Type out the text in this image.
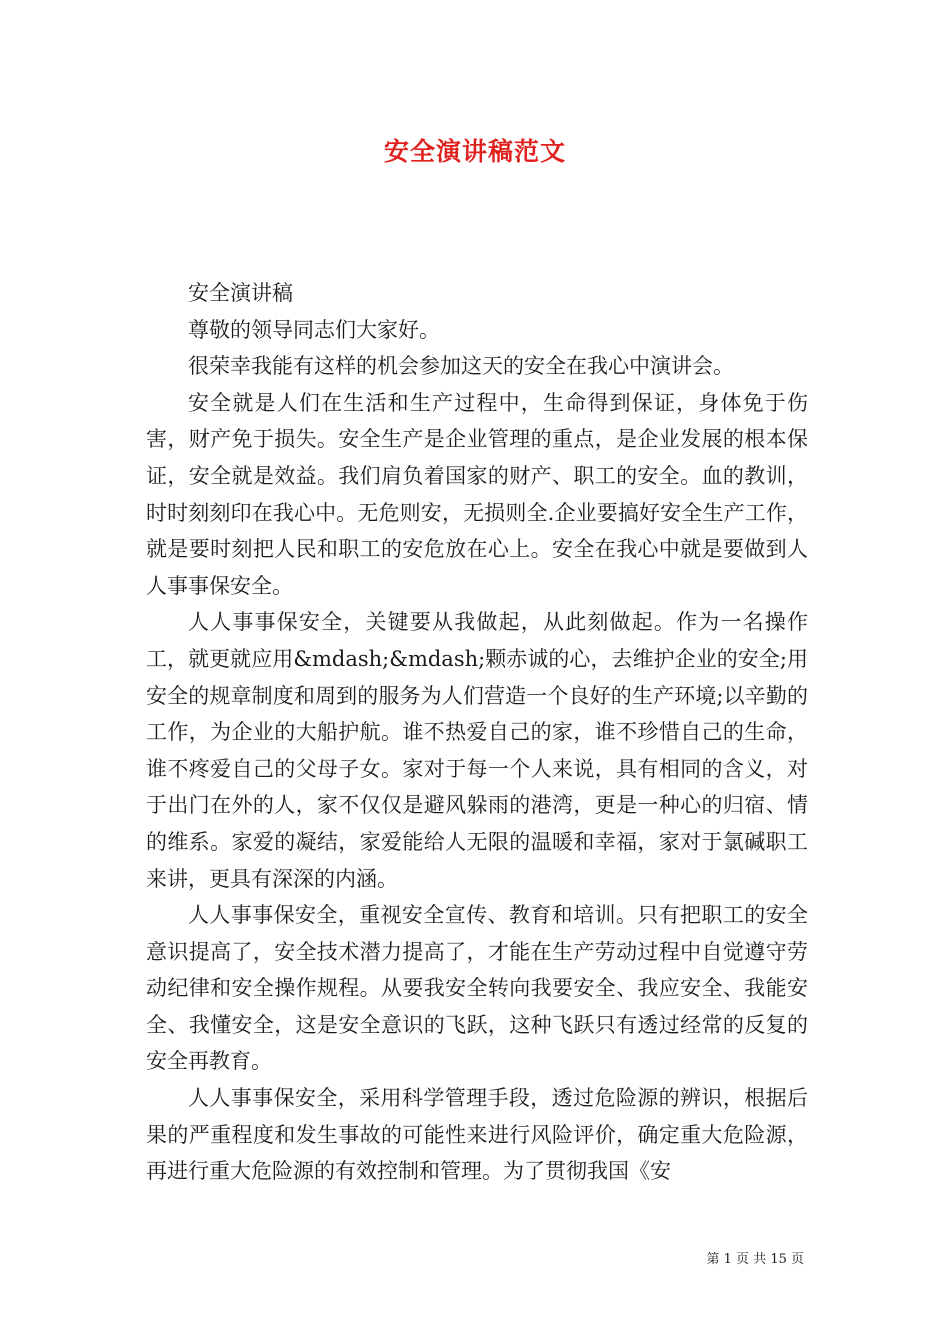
安全演讲稿范文

安全演讲稿

尊敬的领导同志们大家好。

很荣幸我能有这样的机会参加这天的安全在我心中演讲会。

安全就是人们在生活和生产过程中，生命得到保证，身体免于伤害，财产免于损失。安全生产是企业管理的重点，是企业发展的根本保证，安全就是效益。我们肩负着国家的财产、职工的安全。血的教训，时时刻刻印在我心中。无危则安，无损则全.企业要搞好安全生产工作，就是要时刻把人民和职工的安危放在心上。安全在我心中就是要做到人人事事保安全。

人人事事保安全，关键要从我做起，从此刻做起。作为一名操作工，就更就应用&mdash;&mdash;颗赤诚的心，去维护企业的安全;用安全的规章制度和周到的服务为人们营造一个良好的生产环境;以辛勤的工作，为企业的大船护航。谁不热爱自己的家，谁不珍惜自己的生命，谁不疼爱自己的父母子女。家对于每一个人来说，具有相同的含义，对于出门在外的人，家不仅仅是避风躲雨的港湾，更是一种心的归宿、情的维系。家爱的凝结，家爱能给人无限的温暖和幸福，家对于氯碱职工来讲，更具有深深的内涵。

人人事事保安全，重视安全宣传、教育和培训。只有把职工的安全意识提高了，安全技术潜力提高了，才能在生产劳动过程中自觉遵守劳动纪律和安全操作规程。从要我安全转向我要安全、我应安全、我能安全、我懂安全，这是安全意识的飞跃，这种飞跃只有透过经常的反复的安全再教育。

人人事事保安全，采用科学管理手段，透过危险源的辨识，根据后果的严重程度和发生事故的可能性来进行风险评价，确定重大危险源，再进行重大危险源的有效控制和管理。为了贯彻我国《安

第 1 页 共 15 页
